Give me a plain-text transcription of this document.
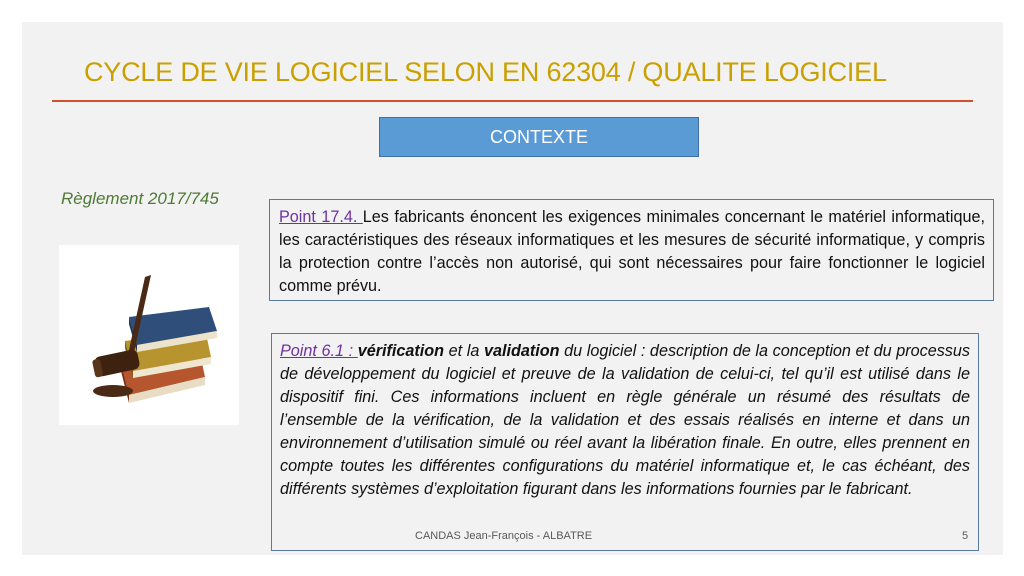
CYCLE DE VIE LOGICIEL SELON EN 62304 / QUALITE LOGICIEL
CONTEXTE
Règlement 2017/745
Point 17.4. Les fabricants énoncent les exigences minimales concernant le matériel informatique, les caractéristiques des réseaux informatiques et les mesures de sécurité informatique, y compris la protection contre l’accès non autorisé, qui sont nécessaires pour faire fonctionner le logiciel comme prévu.
Point 6.1 : vérification et la validation du logiciel : description de la conception et du processus de développement du logiciel et preuve de la validation de celui-ci, tel qu’il est utilisé dans le dispositif fini. Ces informations incluent en règle générale un résumé des résultats de l’ensemble de la vérification, de la validation et des essais réalisés en interne et dans un environnement d’utilisation simulé ou réel avant la libération finale. En outre, elles prennent en compte toutes les différentes configurations du matériel informatique et, le cas échéant, des différents systèmes d’exploitation figurant dans les informations fournies par le fabricant.
CANDAS Jean-François - ALBATRE	5
